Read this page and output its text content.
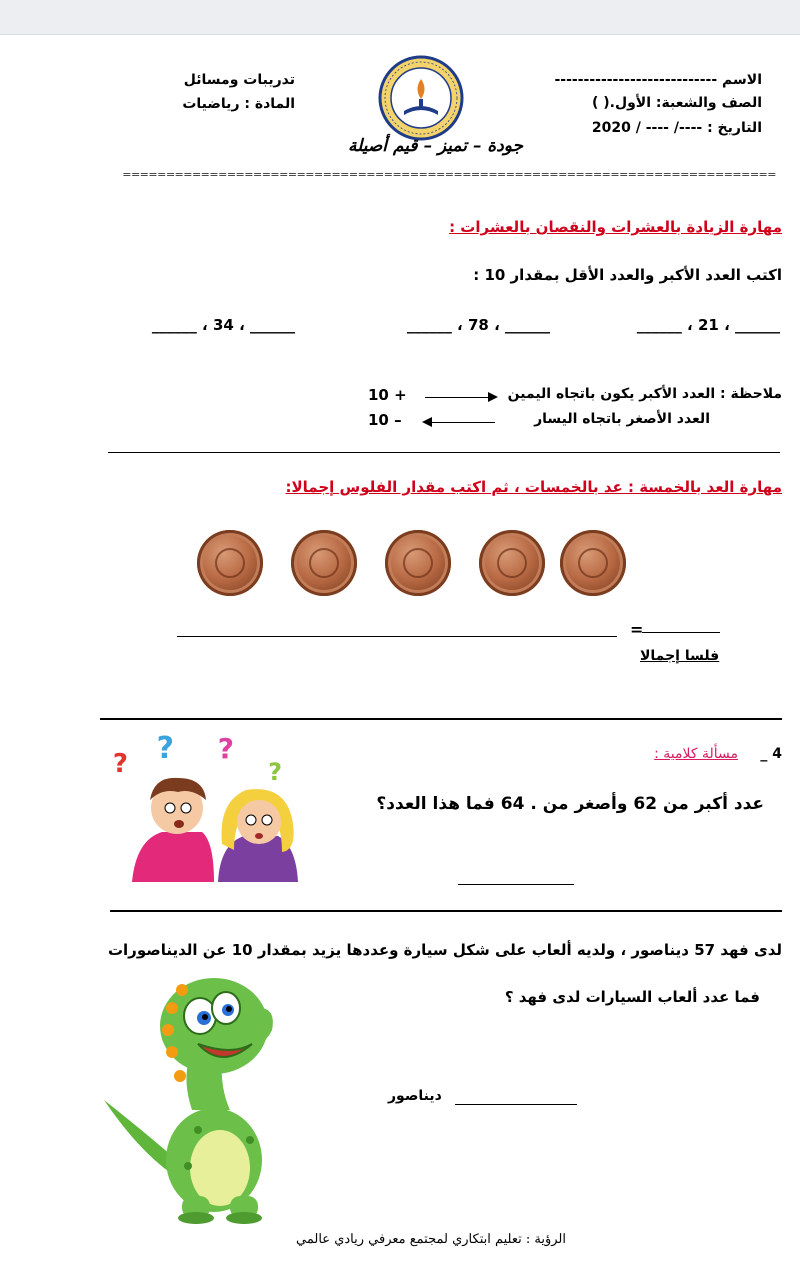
الاسم ----------------------------
الصف والشعبة: الأول.( )
التاريخ : ----/ ---- / 2020
تدريبات ومسائل
المادة : رياضيات
جودة – تميز – قيم أصيلة
===========================================================================
مهارة الزيادة بالعشرات والنقصان بالعشرات :
اكتب العدد الأكبر والعدد الأقل بمقدار 10 :
______ ، 21 ، ______
______ ، 78 ، ______
______ ، 34 ، ______
ملاحظة : العدد الأكبر يكون باتجاه اليمين
10 +
العدد الأصغر باتجاه اليسار
10 –
مهارة العد بالخمسة : عد بالخمسات ، ثم اكتب مقدار الفلوس إجمالا:
=
فلسا إجمالا
4 _
مسألة كلامية :
عدد أكبر من 62 وأصغر من . 64 فما هذا العدد؟
? ? ?
?
لدى فهد 57 ديناصور ، ولديه ألعاب على شكل سيارة وعددها يزيد بمقدار 10 عن الديناصورات
فما عدد ألعاب السيارات لدى فهد ؟
ديناصور
الرؤية : تعليم ابتكاري لمجتمع معرفي ريادي عالمي
